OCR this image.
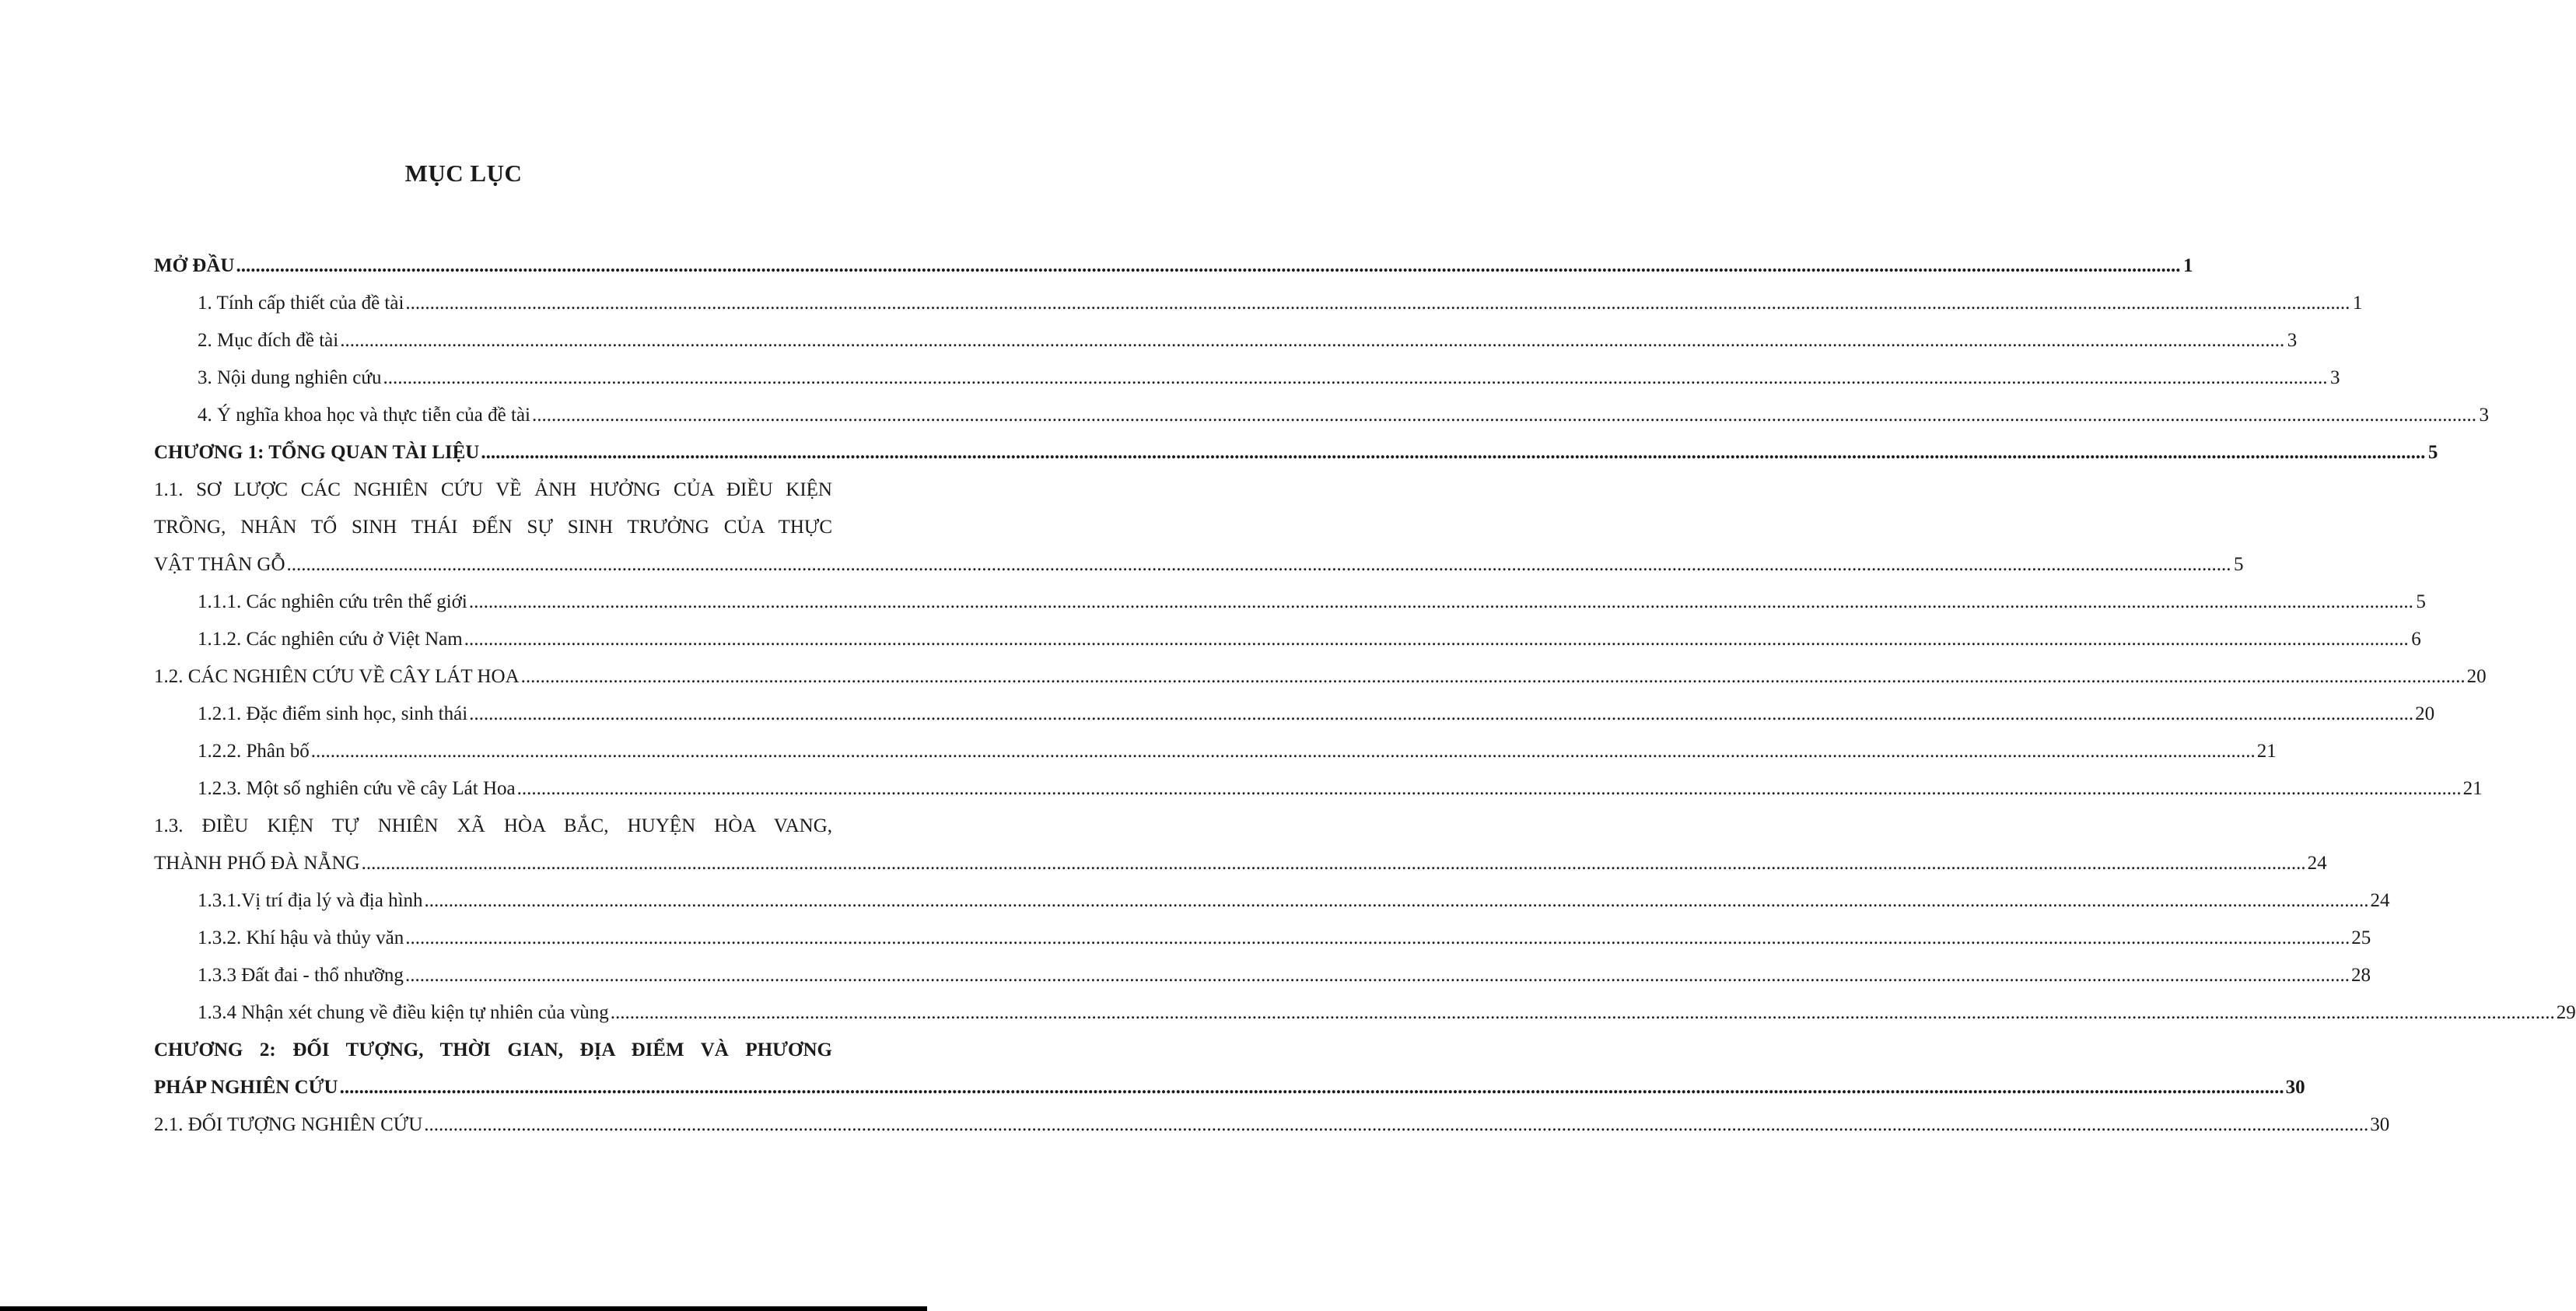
MỤC LỤC
MỞ ĐẦU ................................................................................................................................................................................................................................................................................................................................................................................................................ 1
1. Tính cấp thiết của đề tài ................................................................................................................................................................................................................................................................................................................................................................................................................ 1
2. Mục đích đề tài ................................................................................................................................................................................................................................................................................................................................................................................................................ 3
3. Nội dung nghiên cứu ................................................................................................................................................................................................................................................................................................................................................................................................................ 3
4. Ý nghĩa khoa học và thực tiễn của đề tài ................................................................................................................................................................................................................................................................................................................................................................................................................ 3
CHƯƠNG 1: TỔNG QUAN TÀI LIỆU ................................................................................................................................................................................................................................................................................................................................................................................................................ 5
1.1. SƠ LƯỢC CÁC NGHIÊN CỨU VỀ ẢNH HƯỞNG CỦA ĐIỀU KIỆN
TRỒNG, NHÂN TỐ SINH THÁI ĐẾN SỰ SINH TRƯỞNG CỦA THỰC
VẬT THÂN GỖ ................................................................................................................................................................................................................................................................................................................................................................................................................ 5
1.1.1. Các nghiên cứu trên thế giới ................................................................................................................................................................................................................................................................................................................................................................................................................ 5
1.1.2. Các nghiên cứu ở Việt Nam ................................................................................................................................................................................................................................................................................................................................................................................................................ 6
1.2. CÁC NGHIÊN CỨU VỀ CÂY LÁT HOA ................................................................................................................................................................................................................................................................................................................................................................................................................ 20
1.2.1. Đặc điểm sinh học, sinh thái ................................................................................................................................................................................................................................................................................................................................................................................................................ 20
1.2.2. Phân bố ................................................................................................................................................................................................................................................................................................................................................................................................................ 21
1.2.3. Một số nghiên cứu về cây Lát Hoa ................................................................................................................................................................................................................................................................................................................................................................................................................ 21
1.3. ĐIỀU KIỆN TỰ NHIÊN XÃ HÒA BẮC, HUYỆN HÒA VANG,
THÀNH PHỐ ĐÀ NẴNG ................................................................................................................................................................................................................................................................................................................................................................................................................ 24
1.3.1.Vị trí địa lý và địa hình ................................................................................................................................................................................................................................................................................................................................................................................................................ 24
1.3.2. Khí hậu và thủy văn ................................................................................................................................................................................................................................................................................................................................................................................................................ 25
1.3.3 Đất đai - thổ nhưỡng ................................................................................................................................................................................................................................................................................................................................................................................................................ 28
1.3.4 Nhận xét chung về điều kiện tự nhiên của vùng ................................................................................................................................................................................................................................................................................................................................................................................................................ 29
CHƯƠNG 2: ĐỐI TƯỢNG, THỜI GIAN, ĐỊA ĐIỂM VÀ PHƯƠNG
PHÁP NGHIÊN CỨU ................................................................................................................................................................................................................................................................................................................................................................................................................ 30
2.1. ĐỐI TƯỢNG NGHIÊN CỨU ................................................................................................................................................................................................................................................................................................................................................................................................................ 30
